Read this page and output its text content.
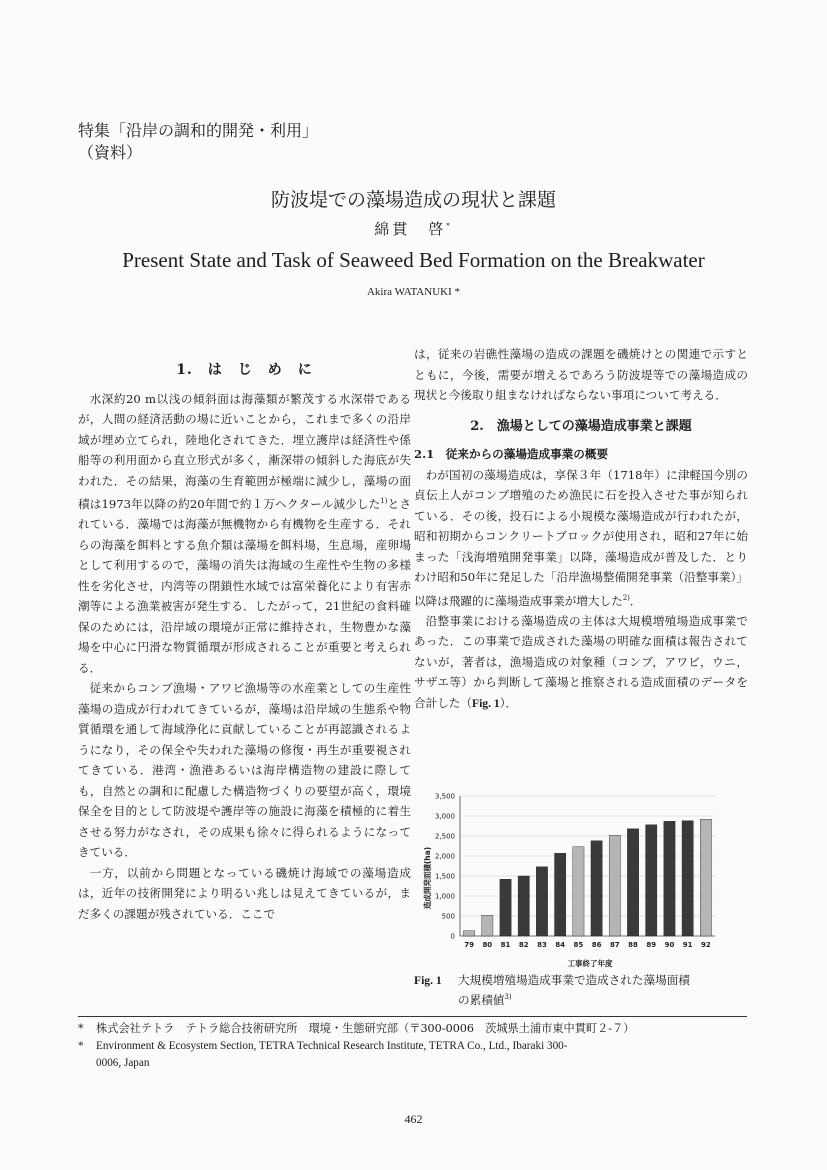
特集「沿岸の調和的開発・利用」
（資料）
防波堤での藻場造成の現状と課題
綿貫　啓*
Present State and Task of Seaweed Bed Formation on the Breakwater
Akira WATANUKI *
1.　は　じ　め　に

水深約20 m以浅の傾斜面は海藻類が繁茂する水深帯であるが，人間の経済活動の場に近いことから，これまで多くの沿岸域が埋め立てられ，陸地化されてきた．埋立護岸は経済性や係船等の利用面から直立形式が多く，漸深帯の傾斜した海底が失われた．その結果，海藻の生育範囲が極端に減少し，藻場の面積は1973年以降の約20年間で約１万ヘクタール減少した$^{1)}$とされている．藻場では海藻が無機物から有機物を生産する．それらの海藻を餌料とする魚介類は藻場を餌料場，生息場，産卵場として利用するので，藻場の消失は海域の生産性や生物の多様性を劣化させ，内湾等の閉鎖性水域では富栄養化により有害赤潮等による漁業被害が発生する．したがって，21世紀の食料確保のためには，沿岸域の環境が正常に維持され，生物豊かな藻場を中心に円滑な物質循環が形成されることが重要と考えられる．

従来からコンブ漁場・アワビ漁場等の水産業としての生産性藻場の造成が行われてきているが，藻場は沿岸域の生態系や物質循環を通して海域浄化に貢献していることが再認識されるようになり，その保全や失われた藻場の修復・再生が重要視されてきている．港湾・漁港あるいは海岸構造物の建設に際しても，自然との調和に配慮した構造物づくりの要望が高く，環境保全を目的として防波堤や護岸等の施設に海藻を積極的に着生させる努力がなされ，その成果も徐々に得られるようになってきている．

一方，以前から問題となっている磯焼け海域での藻場造成は，近年の技術開発により明るい兆しは見えてきているが，まだ多くの課題が残されている．ここで

は，従来の岩礁性藻場の造成の課題を磯焼けとの関連で示すとともに，今後，需要が増えるであろう防波堤等での藻場造成の現状と今後取り組まなければならない事項について考える．

2.　漁場としての藻場造成事業と課題
2.1　従来からの藻場造成事業の概要

わが国初の藻場造成は，享保３年（1718年）に津軽国今別の貞伝上人がコンブ増殖のため漁民に石を投入させた事が知られている．その後，投石による小規模な藻場造成が行われたが，昭和初期からコンクリートブロックが使用され，昭和27年に始まった「浅海増殖開発事業」以降，藻場造成が普及した．とりわけ昭和50年に発足した「沿岸漁場整備開発事業（沿整事業）」以降は飛躍的に藻場造成事業が増大した$^{2)}$．

沿整事業における藻場造成の主体は大規模増殖場造成事業であった．この事業で造成された藻場の明確な面積は報告されてないが，著者は，漁場造成の対象種（コンブ，アワビ，ウニ，サザエ等）から判断して藻場と推察される造成面積のデータを合計した（Fig. 1）．

0
500
1,000
1,500
2,000
2,500
3,000
3,500
79 80 81 82 83 84 85 86 87 88 89 90 91 92
造成開発面積(ha)
工事終了年度
Fig. 1 大規模増殖場造成事業で造成された藻場面積
の累積値$^{3)}$
* 株式会社テトラ　テトラ総合技術研究所　環境・生態研究部（〒300-0006　茨城県土浦市東中貫町２-７）
* Environment & Ecosystem Section, TETRA Technical Research Institute, TETRA Co., Ltd., Ibaraki 300-
0006, Japan
462
